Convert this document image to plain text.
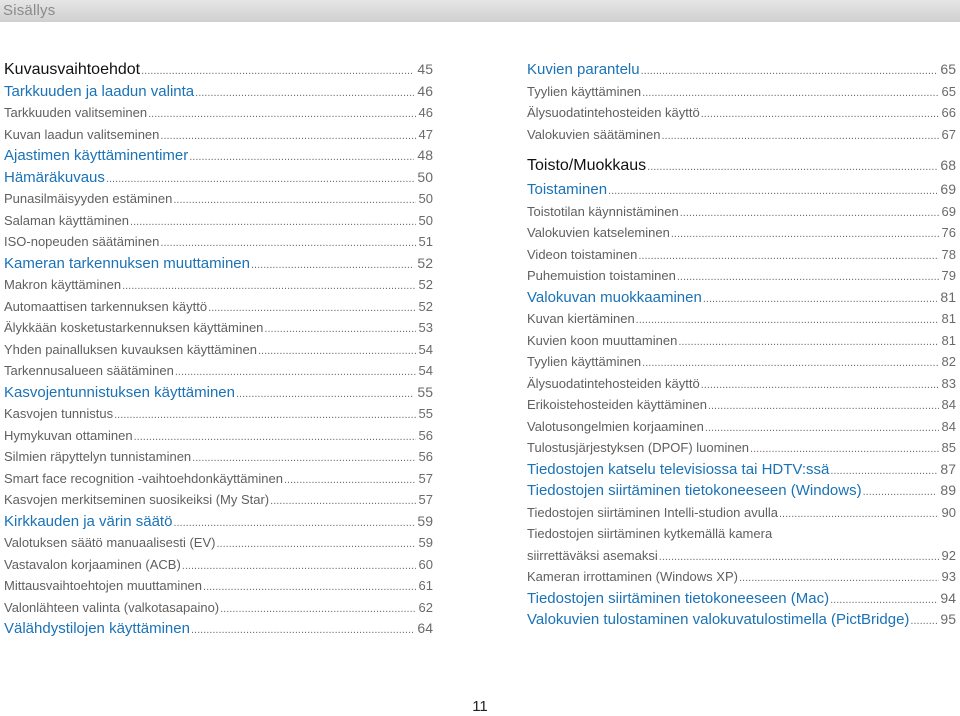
Sisällys
Kuvausvaihtoehdot .....	45
Tarkkuuden ja laadun valinta .....	46
Tarkkuuden valitseminen .....	46
Kuvan laadun valitseminen .....	47
Ajastimen käyttäminentimer .....	48
Hämäräkuvaus .....	50
Punasilmäisyyden estäminen .....	50
Salaman käyttäminen .....	50
ISO-nopeuden säätäminen .....	51
Kameran tarkennuksen muuttaminen .....	52
Makron käyttäminen .....	52
Automaattisen tarkennuksen käyttö .....	52
Älykkään kosketustarkennuksen käyttäminen .....	53
Yhden painalluksen kuvauksen käyttäminen .....	54
Tarkennusalueen säätäminen .....	54
Kasvojentunnistuksen käyttäminen .....	55
Kasvojen tunnistus .....	55
Hymykuvan ottaminen .....	56
Silmien räpyttelyn tunnistaminen .....	56
Smart face recognition -vaihtoehdonkäyttäminen .....	57
Kasvojen merkitseminen suosikeiksi (My Star) .....	57
Kirkkauden ja värin säätö .....	59
Valotuksen säätö manuaalisesti (EV) .....	59
Vastavalon korjaaminen (ACB) .....	60
Mittausvaihtoehtojen muuttaminen .....	61
Valonlähteen valinta (valkotasapaino) .....	62
Välähdystilojen käyttäminen .....	64
Kuvien parantelu .....	65
Tyylien käyttäminen .....	65
Älysuodatintehosteiden käyttö .....	66
Valokuvien säätäminen .....	67
Toisto/Muokkaus .....	68
Toistaminen .....	69
Toistotilan käynnistäminen .....	69
Valokuvien katseleminen .....	76
Videon toistaminen .....	78
Puhemuistion toistaminen .....	79
Valokuvan muokkaaminen .....	81
Kuvan kiertäminen .....	81
Kuvien koon muuttaminen .....	81
Tyylien käyttäminen .....	82
Älysuodatintehosteiden käyttö .....	83
Erikoistehosteiden käyttäminen .....	84
Valotusongelmien korjaaminen .....	84
Tulostusjärjestyksen (DPOF) luominen .....	85
Tiedostojen katselu televisiossa tai HDTV:ssä .....	87
Tiedostojen siirtäminen tietokoneeseen (Windows) .....	89
Tiedostojen siirtäminen Intelli-studion avulla .....	90
Tiedostojen siirtäminen kytkemällä kamera
siirrettäväksi asemaksi .....	92
Kameran irrottaminen (Windows XP) .....	93
Tiedostojen siirtäminen tietokoneeseen (Mac) .....	94
Valokuvien tulostaminen valokuvatulostimella (PictBridge) ..... 95
11
